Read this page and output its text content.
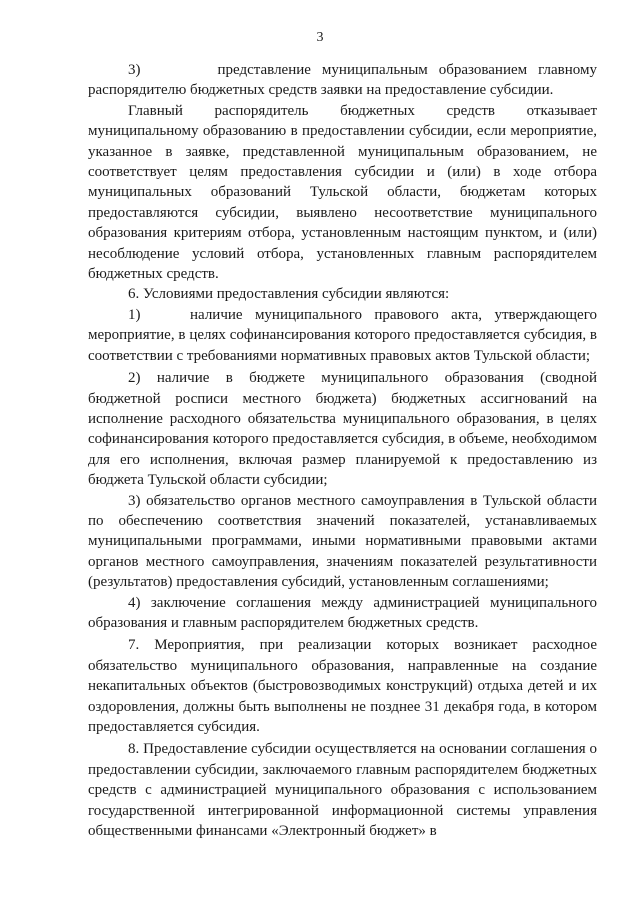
3

3)       представление муниципальным образованием главному распорядителю бюджетных средств заявки на предоставление субсидии.

Главный распорядитель бюджетных средств отказывает муниципальному образованию в предоставлении субсидии, если мероприятие, указанное в заявке, представленной муниципальным образованием, не соответствует целям предоставления субсидии и (или) в ходе отбора муниципальных образований Тульской области, бюджетам которых предоставляются субсидии, выявлено несоответствие муниципального образования критериям отбора, установленным настоящим пунктом, и (или) несоблюдение условий отбора, установленных главным распорядителем бюджетных средств.

6. Условиями предоставления субсидии являются:

1)    наличие муниципального правового акта, утверждающего мероприятие, в целях софинансирования которого предоставляется субсидия, в соответствии с требованиями нормативных правовых актов Тульской области;

2) наличие в бюджете муниципального образования (сводной бюджетной росписи местного бюджета) бюджетных ассигнований на исполнение расходного обязательства муниципального образования, в целях софинансирования которого предоставляется субсидия, в объеме, необходимом для его исполнения, включая размер планируемой к предоставлению из бюджета Тульской области субсидии;

3) обязательство органов местного самоуправления в Тульской области по обеспечению соответствия значений показателей, устанавливаемых муниципальными программами, иными нормативными правовыми актами органов местного самоуправления, значениям показателей результативности (результатов) предоставления субсидий, установленным соглашениями;

4) заключение соглашения между администрацией муниципального образования и главным распорядителем бюджетных средств.

7. Мероприятия, при реализации которых возникает расходное обязательство муниципального образования, направленные на создание некапитальных объектов (быстровозводимых конструкций) отдыха детей и их оздоровления, должны быть выполнены не позднее 31 декабря года, в котором предоставляется субсидия.

8. Предоставление субсидии осуществляется на основании соглашения о предоставлении субсидии, заключаемого главным распорядителем бюджетных средств с администрацией муниципального образования с использованием государственной интегрированной информационной системы управления общественными финансами «Электронный бюджет» в
